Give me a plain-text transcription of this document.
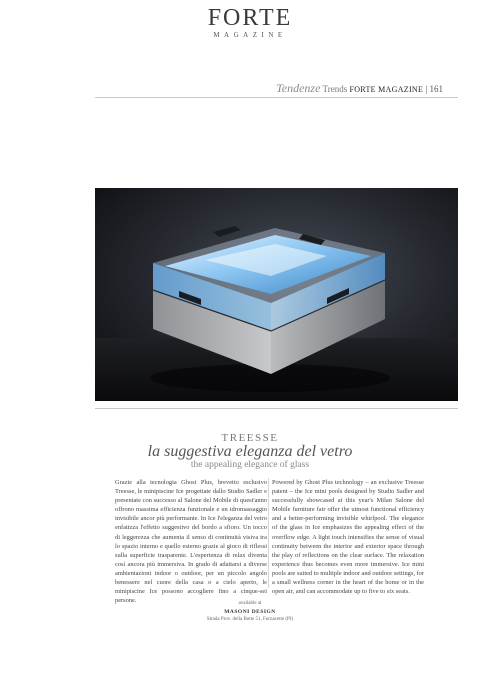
FORTE
MAGAZINE
Tendenze Trends FORTE MAGAZINE | 161
TREESSE
la suggestiva eleganza del vetro
the appealing elegance of glass

Grazie alla tecnologia Ghost Plus, brevetto esclusivo Treesse, le minipiscine Ice progettate dallo Studio Sadler e presentate con successo al Salone del Mobile di quest'anno offrono massima efficienza funzionale e un idromassaggio invisibile ancor più performante. In Ice l'eleganza del vetro enfatizza l'effetto suggestivo del bordo a sfioro. Un tocco di leggerezza che aumenta il senso di continuità visiva tra lo spazio interno e quello esterno grazie al gioco di riflessi sulla superficie trasparente. L'esperienza di relax diventa così ancora più immersiva. In grado di adattarsi a diverse ambientazioni indoor o outdoor, per un piccolo angolo benessere nel cuore della casa o a cielo aperto, le minipiscine Ice possono accogliere fino a cinque-sei persone.

Powered by Ghost Plus technology – an exclusive Treesse patent – the Ice mini pools designed by Studio Sadler and successfully showcased at this year's Milan Salone del Mobile furniture fair offer the utmost functional efficiency and a better-performing invisible whirlpool. The elegance of the glass in Ice emphasizes the appealing effect of the overflow edge. A light touch intensifies the sense of visual continuity between the interior and exterior space through the play of reflections on the clear surface. The relaxation experience thus becomes even more immersive. Ice mini pools are suited to multiple indoor and outdoor settings, for a small wellness corner in the heart of the home or in the open air, and can accommodate up to five to six seats.

available at
MASONI DESIGN
Strada Prov. della Botte 51, Fornacette (PI)
